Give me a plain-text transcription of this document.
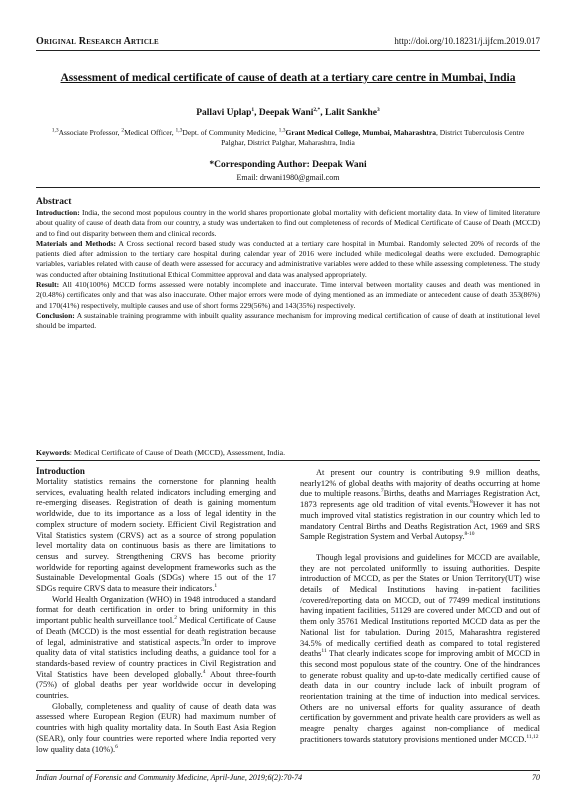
Original Research Article	http://doi.org/10.18231/j.ijfcm.2019.017
Assessment of medical certificate of cause of death at a tertiary care centre in Mumbai, India
Pallavi Uplap$^1$, Deepak Wani$^{2,*}$, Lalit Sankhe$^3$
$^{1,3}$Associate Professor, $^2$Medical Officer, $^{1,3}$Dept. of Community Medicine, $^{1,3}$Grant Medical College, Mumbai, Maharashtra, District Tuberculosis Centre Palghar, District Palghar, Maharashtra, India
*Corresponding Author: Deepak Wani
Email: drwani1980@gmail.com
Abstract

Introduction: India, the second most populous country in the world shares proportionate global mortality with deficient mortality data. In view of limited literature about quality of cause of death data from our country, a study was undertaken to find out completeness of records of Medical Certificate of Cause of Death (MCCD) and to find out disparity between them and clinical records.

Materials and Methods: A Cross sectional record based study was conducted at a tertiary care hospital in Mumbai. Randomly selected 20% of records of the patients died after admission to the tertiary care hospital during calendar year of 2016 were included while medicolegal deaths were excluded. Demographic variables, variables related with cause of death were assessed for accuracy and administrative variables were added to these while assessing completeness. The study was conducted after obtaining Institutional Ethical Committee approval and data was analysed appropriately.

Result: All 410(100%) MCCD forms assessed were notably incomplete and inaccurate. Time interval between mortality causes and death was mentioned in 2(0.48%) certificates only and that was also inaccurate. Other major errors were mode of dying mentioned as an immediate or antecedent cause of death 353(86%) and 170(41%) respectively, multiple causes and use of short forms 229(56%) and 143(35%) respectively.

Conclusion: A sustainable training programme with inbuilt quality assurance mechanism for improving medical certification of cause of death at institutional level should be imparted.

Keywords: Medical Certificate of Cause of Death (MCCD), Assessment, India.
Introduction

Mortality statistics remains the cornerstone for planning health services, evaluating health related indicators including emerging and re-emerging diseases. Registration of death is gaining momentum worldwide, due to its importance as a loss of legal identity in the complex structure of modern society. Efficient Civil Registration and Vital Statistics system (CRVS) act as a source of strong population level mortality data on continuous basis as there are limitations to census and survey. Strengthening CRVS has become priority worldwide for reporting against development frameworks such as the Sustainable Developmental Goals (SDGs) where 15 out of the 17 SDGs require CRVS data to measure their indicators.$^1$

World Health Organization (WHO) in 1948 introduced a standard format for death certification in order to bring uniformity in this important public health surveillance tool.$^2$ Medical Certificate of Cause of Death (MCCD) is the most essential for death registration because of legal, administrative and statistical aspects.$^3$In order to improve quality data of vital statistics including deaths, a guidance tool for a standards-based review of country practices in Civil Registration and Vital Statistics have been developed globally.$^4$ About three-fourth (75%) of global deaths per year worldwide occur in developing countries.

Globally, completeness and quality of cause of death data was assessed where European Region (EUR) had maximum number of countries with high quality mortality data. In South East Asia Region (SEAR), only four countries were reported where India reported very low quality data (10%).$^6$

At present our country is contributing 9.9 million deaths, nearly12% of global deaths with majority of deaths occurring at home due to multiple reasons.$^7$Births, deaths and Marriages Registration Act, 1873 represents age old tradition of vital events.$^8$However it has not much improved vital statistics registration in our country which led to mandatory Central Births and Deaths Registration Act, 1969 and SRS Sample Registration System and Verbal Autopsy.$^{8-10}$

Though legal provisions and guidelines for MCCD are available, they are not percolated uniformlly to issuing authorities. Despite introduction of MCCD, as per the States or Union Territory(UT) wise details of Medical Institutions having in-patient facilities /covered/reporting data on MCCD, out of 77499 medical institutions having inpatient facilities, 51129 are covered under MCCD and out of them only 35761 Medical Institutions reported MCCD data as per the National list for tabulation. During 2015, Maharashtra registered 34.5% of medically certified death as compared to total registered deaths$^{11}$ That clearly indicates scope for improving ambit of MCCD in this second most populous state of the country. One of the hindrances to generate robust quality and up-to-date medically certified cause of death data in our country include lack of inbuilt program of reorientation training at the time of induction into medical services. Others are no universal efforts for quality assurance of death certification by government and private health care providers as well as meagre penalty charges against non-compliance of medical practitioners towards statutory provisions mentioned under MCCD.$^{11,12}$

Indian Journal of Forensic and Community Medicine, April-June, 2019;6(2):70-74	70
